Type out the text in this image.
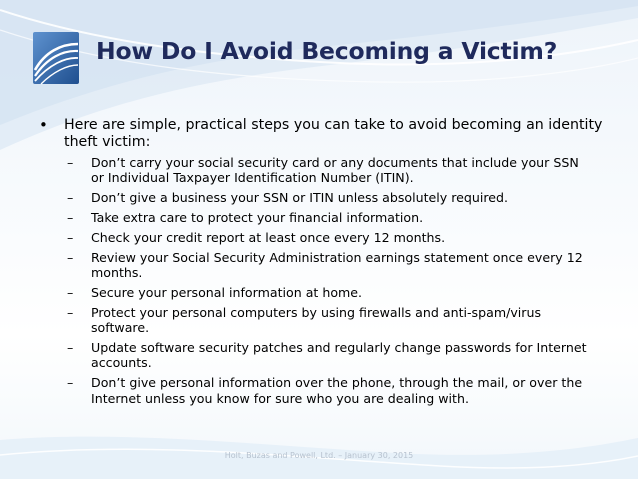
How Do I Avoid Becoming a Victim?
• Here are simple, practical steps you can take to avoid becoming an identity theft victim:
– Don’t carry your social security card or any documents that include your SSN or Individual Taxpayer Identification Number (ITIN).
– Don’t give a business your SSN or ITIN unless absolutely required.
– Take extra care to protect your financial information.
– Check your credit report at least once every 12 months.
– Review your Social Security Administration earnings statement once every 12 months.
– Secure your personal information at home.
– Protect your personal computers by using firewalls and anti-spam/virus software.
– Update software security patches and regularly change passwords for Internet accounts.
– Don’t give personal information over the phone, through the mail, or over the Internet unless you know for sure who you are dealing with.
Holt, Buzas and Powell, Ltd. – January 30, 2015
